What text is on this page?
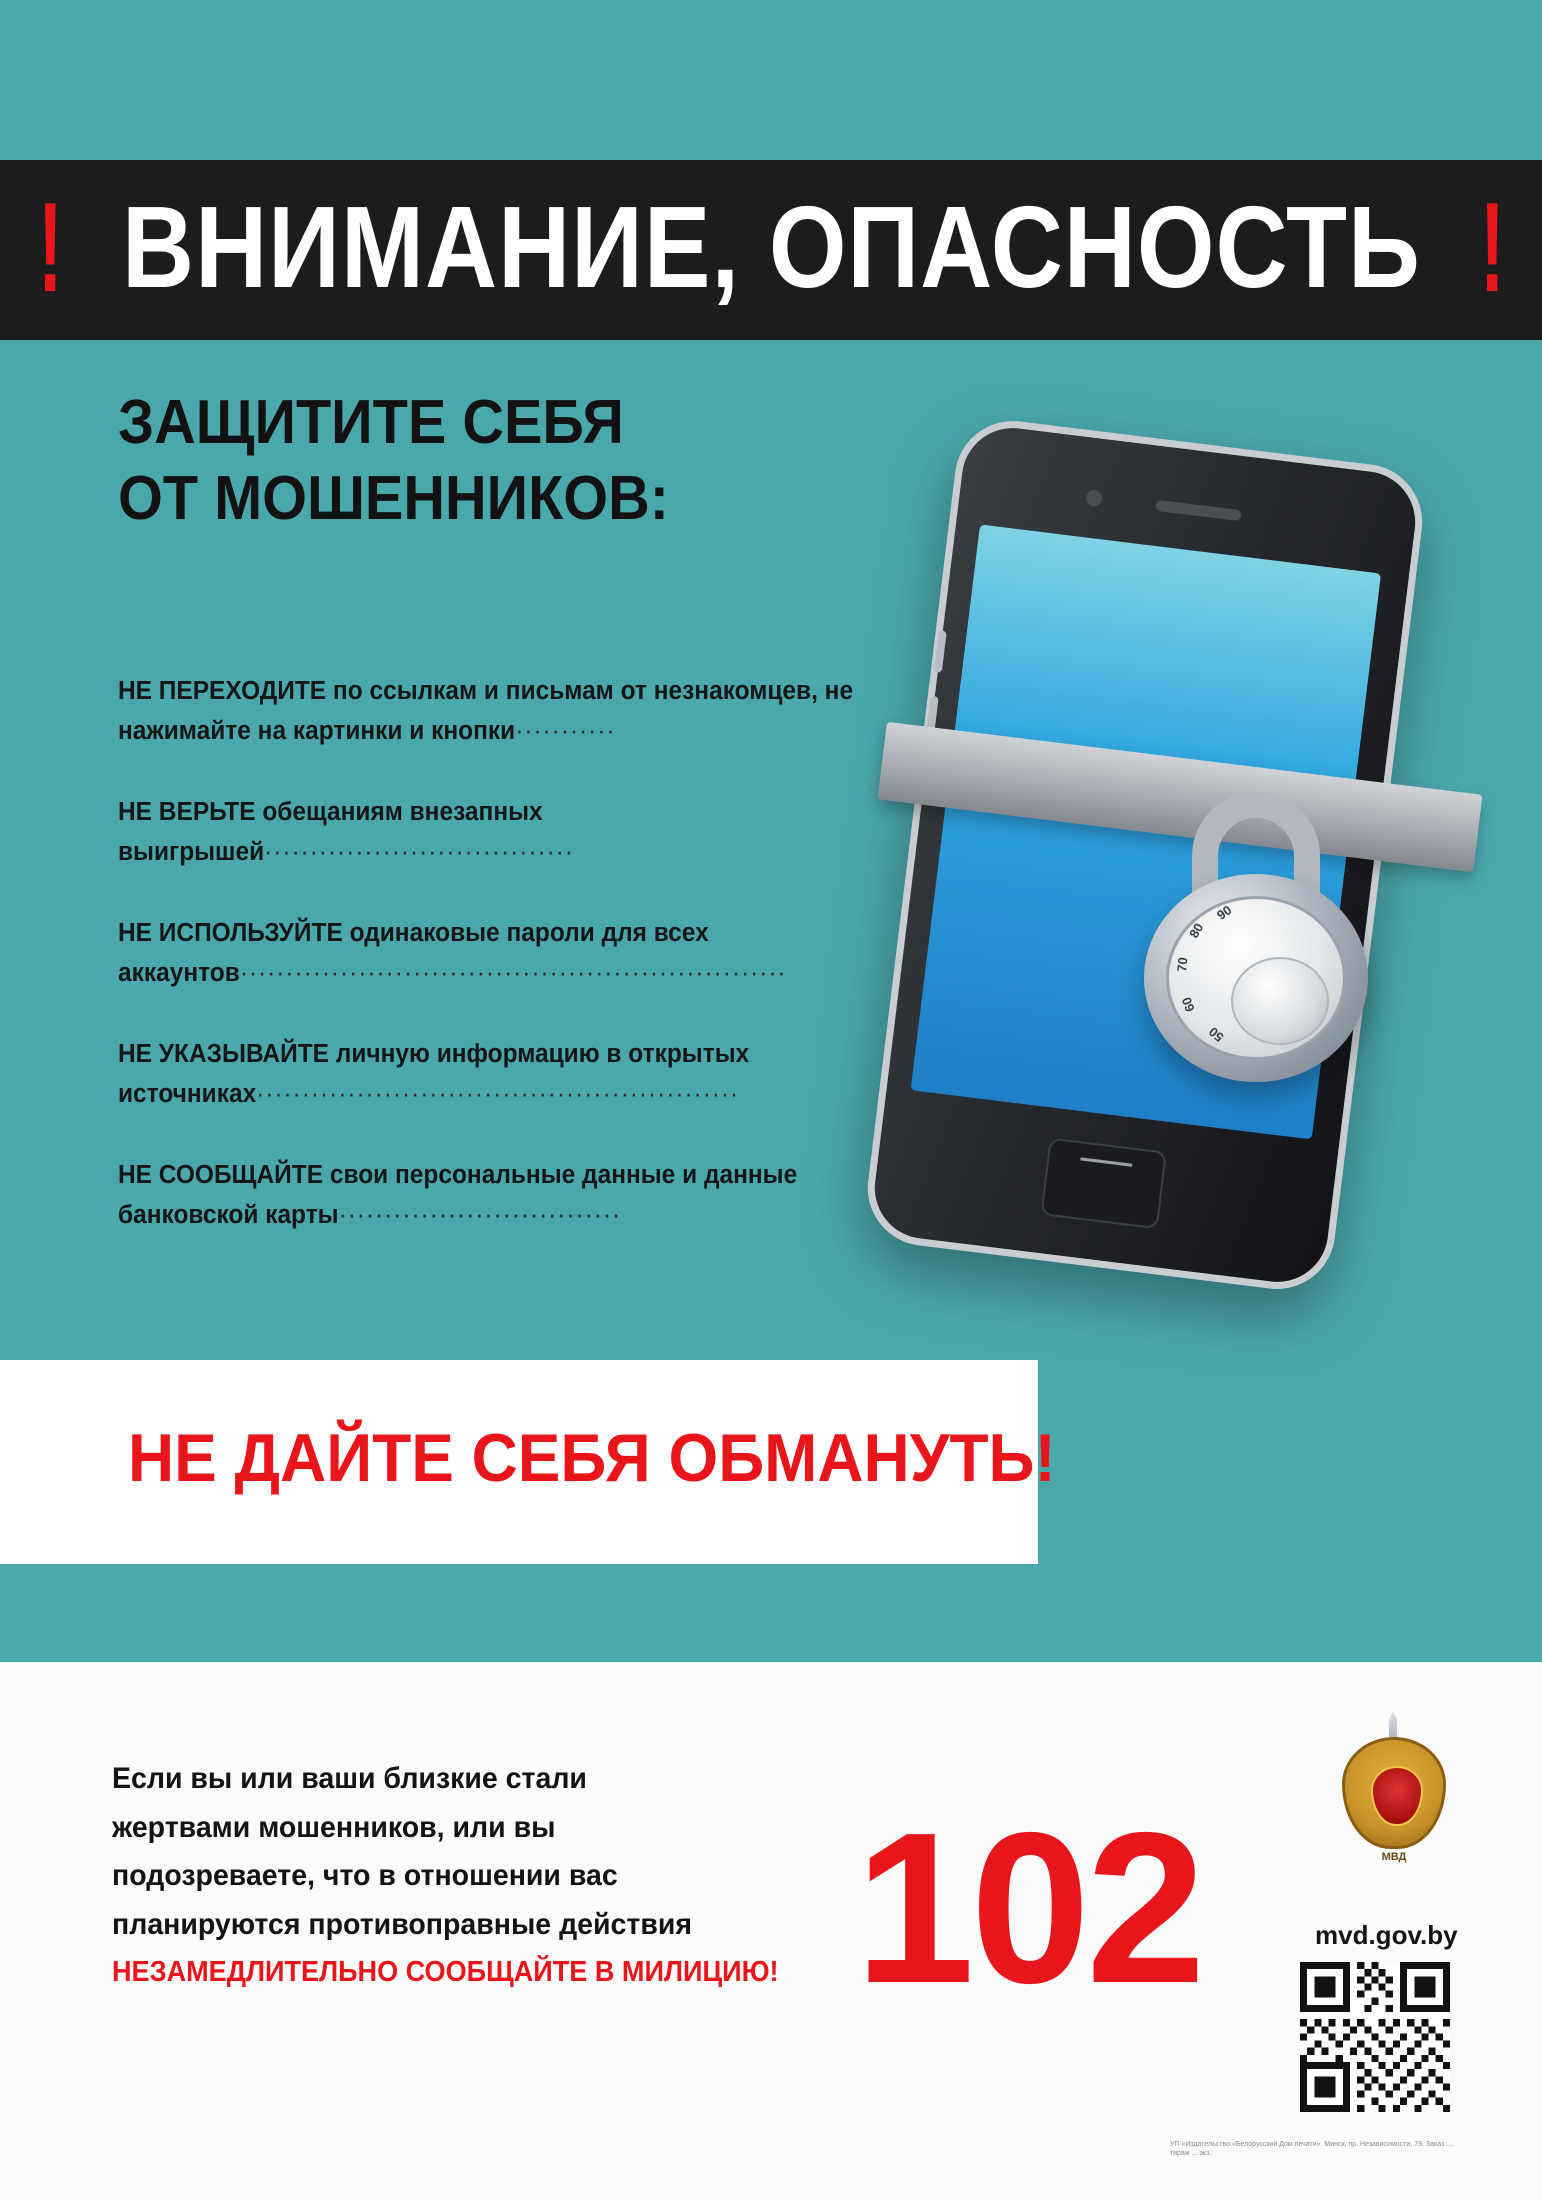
! ВНИМАНИЕ, ОПАСНОСТЬ !
ЗАЩИТИТЕ СЕБЯ
ОТ МОШЕННИКОВ:
90
80
70
60
50
НЕ ПЕРЕХОДИТЕ по ссылкам и письмам от незнакомцев, не нажимайте на картинки и кнопки···········
НЕ ВЕРЬТЕ обещаниям внезапных выигрышей··································
НЕ ИСПОЛЬЗУЙТЕ одинаковые пароли для всех аккаунтов····························································
НЕ УКАЗЫВАЙТЕ личную информацию в открытых источниках·····················································
НЕ СООБЩАЙТЕ свои персональные данные и данные банковской карты·······························
НЕ ДАЙТЕ СЕБЯ ОБМАНУТЬ!
Если вы или ваши близкие стали
жертвами мошенников, или вы
подозреваете, что в отношении вас
планируются противоправные действия
НЕЗАМЕДЛИТЕЛЬНО СООБЩАЙТЕ В МИЛИЦИЮ! 102	МВД
mvd.gov.by
УП «Издательство «Белорусский Дом печати». Минск, пр. Независимости, 79. Заказ ..., тираж ... экз.
